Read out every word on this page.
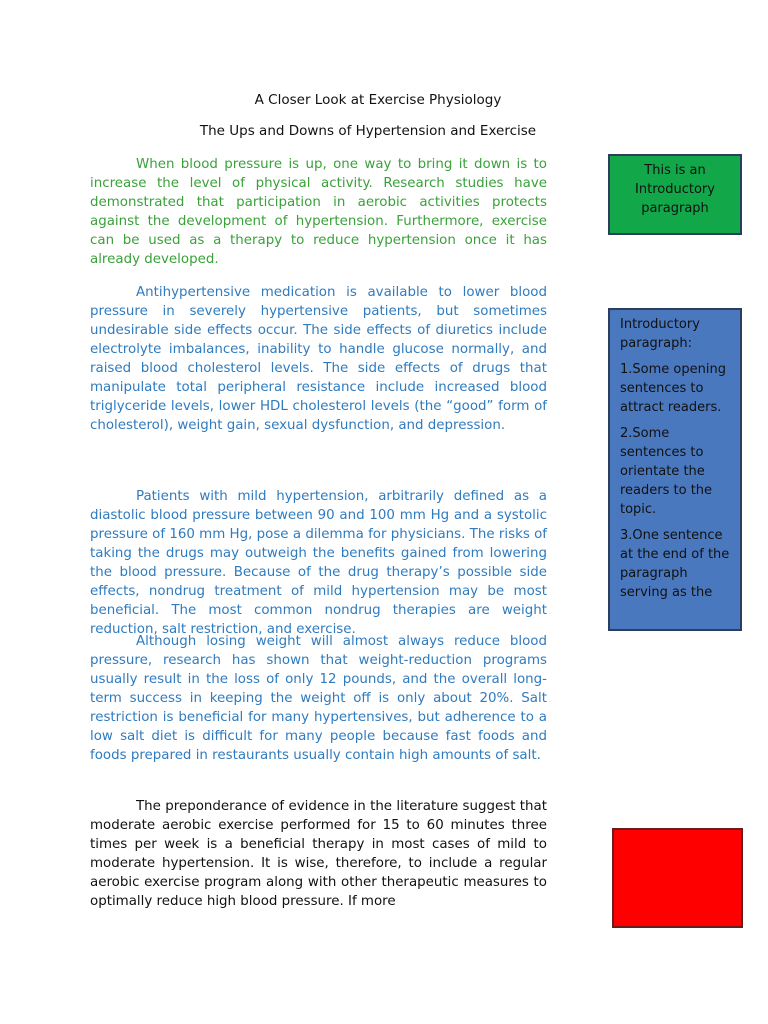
A Closer Look at Exercise Physiology
The Ups and Downs of Hypertension and Exercise

When blood pressure is up, one way to bring it down is to increase the level of physical activity. Research studies have demonstrated that participation in aerobic activities protects against the development of hypertension. Furthermore, exercise can be used as a therapy to reduce hypertension once it has already developed.

Antihypertensive medication is available to lower blood pressure in severely hypertensive patients, but sometimes undesirable side effects occur. The side effects of diuretics include electrolyte imbalances, inability to handle glucose normally, and raised blood cholesterol levels. The side effects of drugs that manipulate total peripheral resistance include increased blood triglyceride levels, lower HDL cholesterol levels (the “good” form of cholesterol), weight gain, sexual dysfunction, and depression.

Patients with mild hypertension, arbitrarily defined as a diastolic blood pressure between 90 and 100 mm Hg and a systolic pressure of 160 mm Hg, pose a dilemma for physicians. The risks of taking the drugs may outweigh the benefits gained from lowering the blood pressure. Because of the drug therapy’s possible side effects, nondrug treatment of mild hypertension may be most beneficial. The most common nondrug therapies are weight reduction, salt restriction, and exercise.

Although losing weight will almost always reduce blood pressure, research has shown that weight-reduction programs usually result in the loss of only 12 pounds, and the overall long-term success in keeping the weight off is only about 20%. Salt restriction is beneficial for many hypertensives, but adherence to a low salt diet is difficult for many people because fast foods and foods prepared in restaurants usually contain high amounts of salt.

The preponderance of evidence in the literature suggest that moderate aerobic exercise performed for 15 to 60 minutes three times per week is a beneficial therapy in most cases of mild to moderate hypertension. It is wise, therefore, to include a regular aerobic exercise program along with other therapeutic measures to optimally reduce high blood pressure. If more

This is an Introductory paragraph

Introductory paragraph:

1.Some opening sentences to attract readers.

2.Some sentences to orientate the readers to the topic.

3.One sentence at the end of the paragraph serving as the
